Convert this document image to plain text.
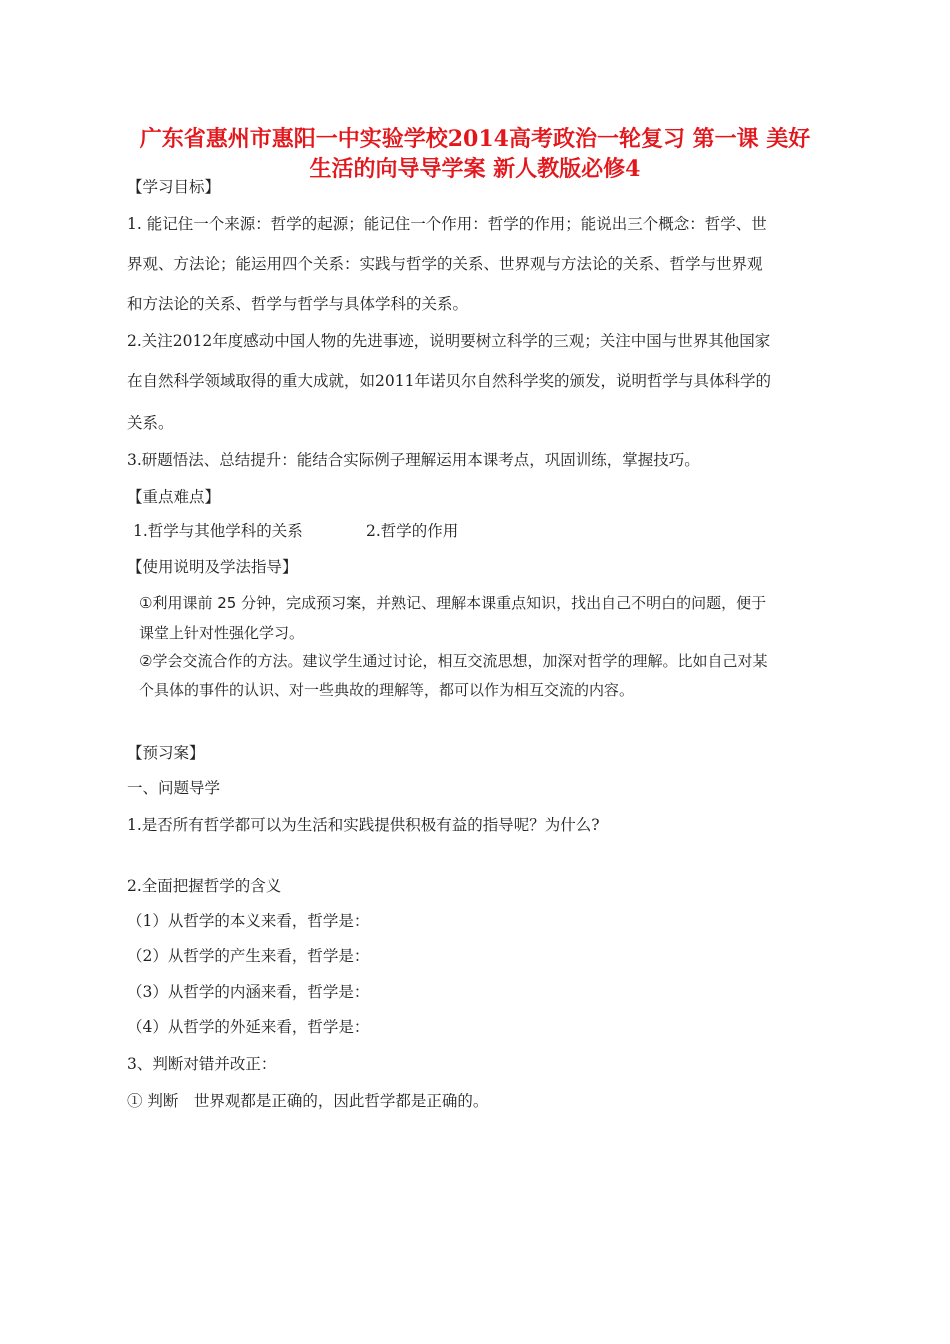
广东省惠州市惠阳一中实验学校2014高考政治一轮复习 第一课 美好
生活的向导导学案 新人教版必修4
【学习目标】
1. 能记住一个来源：哲学的起源；能记住一个作用：哲学的作用；能说出三个概念：哲学、世
界观、方法论；能运用四个关系：实践与哲学的关系、世界观与方法论的关系、哲学与世界观
和方法论的关系、哲学与哲学与具体学科的关系。
2.关注2012年度感动中国人物的先进事迹，说明要树立科学的三观；关注中国与世界其他国家
在自然科学领域取得的重大成就，如2011年诺贝尔自然科学奖的颁发，说明哲学与具体科学的
关系。
3.研题悟法、总结提升：能结合实际例子理解运用本课考点，巩固训练，掌握技巧。
【重点难点】
1.哲学与其他学科的关系	2.哲学的作用
【使用说明及学法指导】
①利用课前 25 分钟，完成预习案，并熟记、理解本课重点知识，找出自己不明白的问题，便于
课堂上针对性强化学习。
②学会交流合作的方法。建议学生通过讨论，相互交流思想，加深对哲学的理解。比如自己对某
个具体的事件的认识、对一些典故的理解等，都可以作为相互交流的内容。
【预习案】
一、问题导学
1.是否所有哲学都可以为生活和实践提供积极有益的指导呢？为什么?
2.全面把握哲学的含义
（1）从哲学的本义来看，哲学是：
（2）从哲学的产生来看，哲学是：
（3）从哲学的内涵来看，哲学是：
（4）从哲学的外延来看，哲学是：
3、判断对错并改正：
① 判断　世界观都是正确的，因此哲学都是正确的。
